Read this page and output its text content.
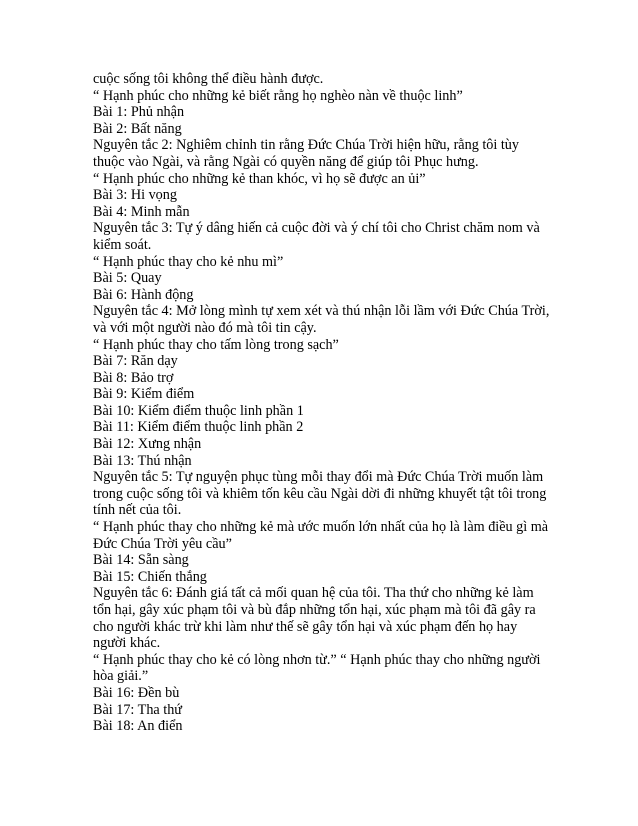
cuộc sống tôi không thể điều hành được.

“ Hạnh phúc cho những kẻ biết rằng họ nghèo nàn về thuộc linh”

Bài 1: Phủ nhận

Bài 2: Bất năng

Nguyên tắc 2: Nghiêm chỉnh tin rằng Đức Chúa Trời hiện hữu, rằng tôi tùy thuộc vào Ngài, và rằng Ngài có quyền năng để giúp tôi Phục hưng.

“ Hạnh phúc cho những kẻ than khóc, vì họ sẽ được an ủi”

Bài 3: Hi vọng

Bài 4: Minh mẫn

Nguyên tắc 3: Tự ý dâng hiến cả cuộc đời và ý chí tôi cho Christ chăm nom và kiểm soát.

“ Hạnh phúc thay cho kẻ nhu mì”

Bài 5: Quay

Bài 6: Hành động

Nguyên tắc 4: Mở lòng mình tự xem xét và thú nhận lỗi lầm với Đức Chúa Trời, và với một người nào đó mà tôi tin cậy.

“ Hạnh phúc thay cho tấm lòng trong sạch”

Bài 7: Răn dạy

Bài 8: Bảo trợ

Bài 9: Kiểm điểm

Bài 10: Kiểm điểm thuộc linh phần 1

Bài 11: Kiểm điểm thuộc linh phần 2

Bài 12: Xưng nhận

Bài 13: Thú nhận

Nguyên tắc 5: Tự nguyện phục tùng mỗi thay đổi mà Đức Chúa Trời muốn làm trong cuộc sống tôi và khiêm tốn kêu cầu Ngài dời đi những khuyết tật tôi trong tính nết của tôi.

“ Hạnh phúc thay cho những kẻ mà ước muốn lớn nhất của họ là làm điều gì mà Đức Chúa Trời yêu cầu”

Bài 14: Sẵn sàng

Bài 15: Chiến thắng

Nguyên tắc 6: Đánh giá tất cả mối quan hệ của tôi. Tha thứ cho những kẻ làm tổn hại, gây xúc phạm tôi và bù đắp những tổn hại, xúc phạm mà tôi đã gây ra cho người khác trừ khi làm như thế sẽ gây tổn hại và xúc phạm đến họ hay người khác.

“ Hạnh phúc thay cho kẻ có lòng nhơn từ.” “ Hạnh phúc thay cho những người hòa giải.”

Bài 16: Đền bù

Bài 17: Tha thứ

Bài 18: An điển
